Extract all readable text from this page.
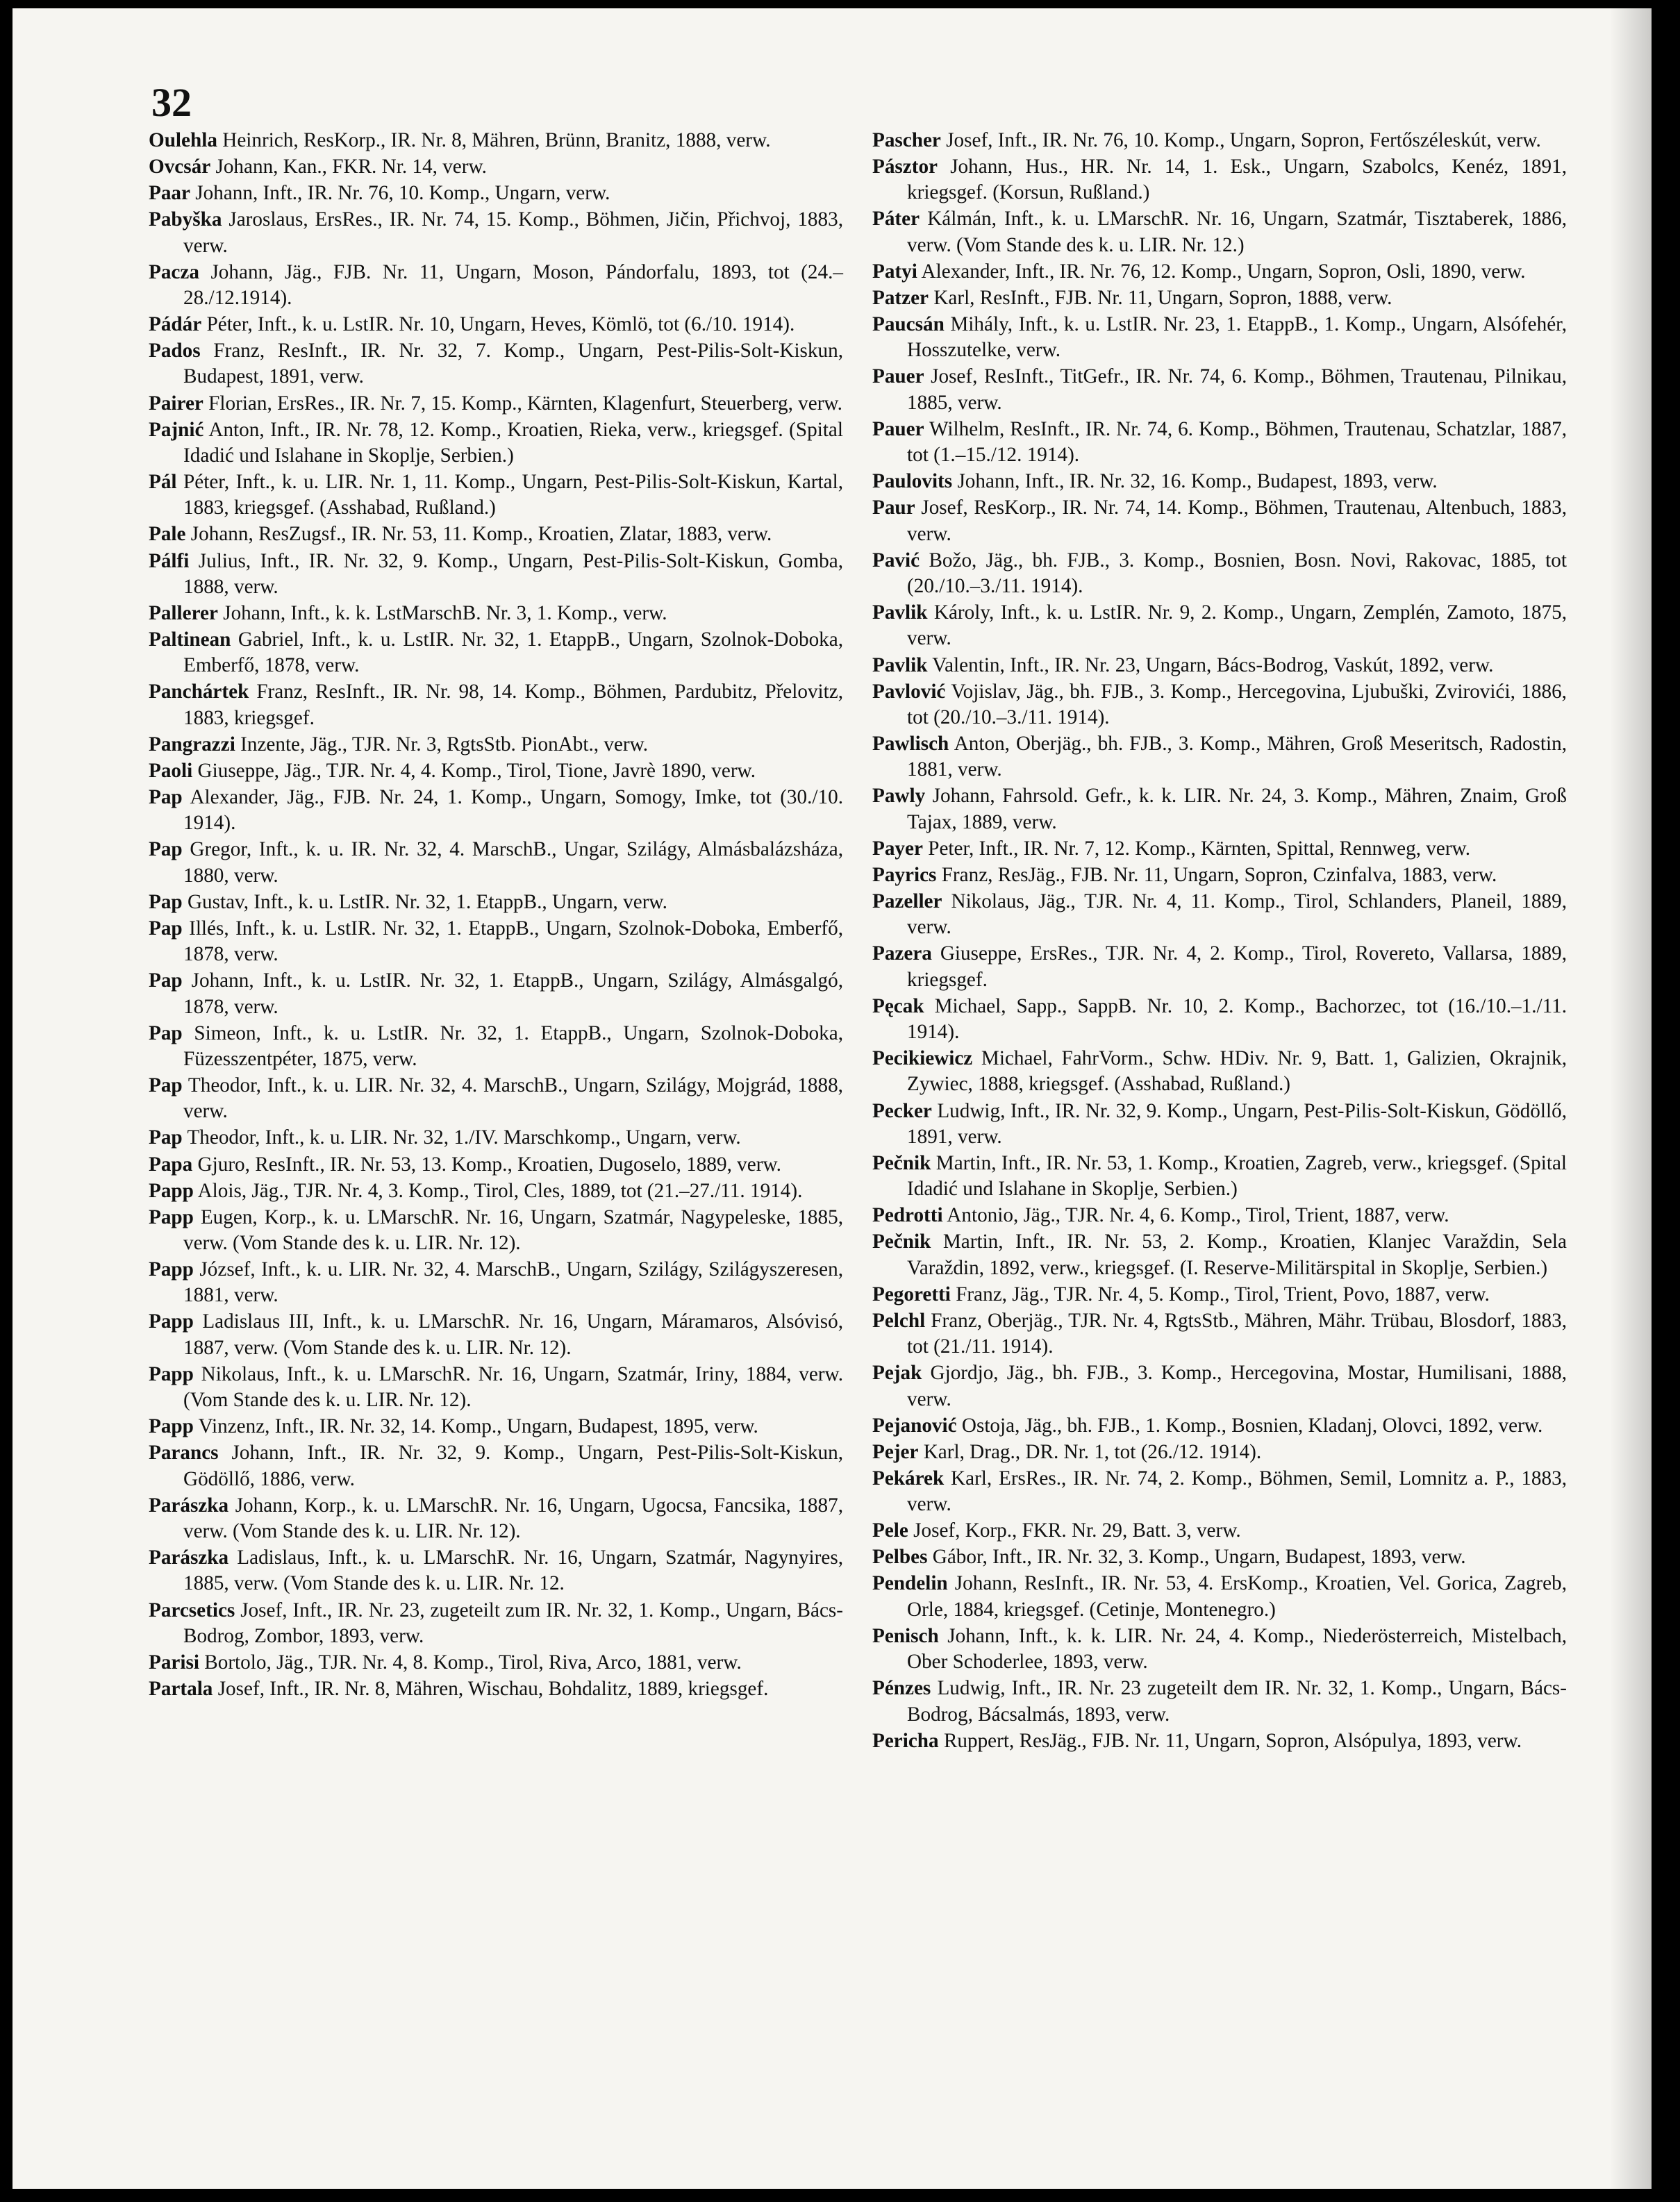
32

Oulehla Heinrich, ResKorp., IR. Nr. 8, Mähren, Brünn, Branitz, 1888, verw.

Ovcsár Johann, Kan., FKR. Nr. 14, verw.

Paar Johann, Inft., IR. Nr. 76, 10. Komp., Ungarn, verw.

Pabyška Jaroslaus, ErsRes., IR. Nr. 74, 15. Komp., Böhmen, Jičin, Přichvoj, 1883, verw.

Pacza Johann, Jäg., FJB. Nr. 11, Ungarn, Moson, Pándorfalu, 1893, tot (24.–28./12.1914).

Pádár Péter, Inft., k. u. LstIR. Nr. 10, Ungarn, Heves, Kömlö, tot (6./10. 1914).

Pados Franz, ResInft., IR. Nr. 32, 7. Komp., Ungarn, Pest-Pilis-Solt-Kiskun, Budapest, 1891, verw.

Pairer Florian, ErsRes., IR. Nr. 7, 15. Komp., Kärnten, Klagenfurt, Steuerberg, verw.

Pajnić Anton, Inft., IR. Nr. 78, 12. Komp., Kroatien, Rieka, verw., kriegsgef. (Spital Idadić und Islahane in Skoplje, Serbien.)

Pál Péter, Inft., k. u. LIR. Nr. 1, 11. Komp., Ungarn, Pest-Pilis-Solt-Kiskun, Kartal, 1883, kriegsgef. (Asshabad, Rußland.)

Pale Johann, ResZugsf., IR. Nr. 53, 11. Komp., Kroatien, Zlatar, 1883, verw.

Pálfi Julius, Inft., IR. Nr. 32, 9. Komp., Ungarn, Pest-Pilis-Solt-Kiskun, Gomba, 1888, verw.

Pallerer Johann, Inft., k. k. LstMarschB. Nr. 3, 1. Komp., verw.

Paltinean Gabriel, Inft., k. u. LstIR. Nr. 32, 1. EtappB., Ungarn, Szolnok-Doboka, Emberfő, 1878, verw.

Panchártek Franz, ResInft., IR. Nr. 98, 14. Komp., Böhmen, Pardubitz, Přelovitz, 1883, kriegsgef.

Pangrazzi Inzente, Jäg., TJR. Nr. 3, RgtsStb. PionAbt., verw.

Paoli Giuseppe, Jäg., TJR. Nr. 4, 4. Komp., Tirol, Tione, Javrè 1890, verw.

Pap Alexander, Jäg., FJB. Nr. 24, 1. Komp., Ungarn, Somogy, Imke, tot (30./10. 1914).

Pap Gregor, Inft., k. u. IR. Nr. 32, 4. MarschB., Ungar, Szilágy, Almásbalázsháza, 1880, verw.

Pap Gustav, Inft., k. u. LstIR. Nr. 32, 1. EtappB., Ungarn, verw.

Pap Illés, Inft., k. u. LstIR. Nr. 32, 1. EtappB., Ungarn, Szolnok-Doboka, Emberfő, 1878, verw.

Pap Johann, Inft., k. u. LstIR. Nr. 32, 1. EtappB., Ungarn, Szilágy, Almásgalgó, 1878, verw.

Pap Simeon, Inft., k. u. LstIR. Nr. 32, 1. EtappB., Ungarn, Szolnok-Doboka, Füzesszentpéter, 1875, verw.

Pap Theodor, Inft., k. u. LIR. Nr. 32, 4. MarschB., Ungarn, Szilágy, Mojgrád, 1888, verw.

Pap Theodor, Inft., k. u. LIR. Nr. 32, 1./IV. Marschkomp., Ungarn, verw.

Papa Gjuro, ResInft., IR. Nr. 53, 13. Komp., Kroatien, Dugoselo, 1889, verw.

Papp Alois, Jäg., TJR. Nr. 4, 3. Komp., Tirol, Cles, 1889, tot (21.–27./11. 1914).

Papp Eugen, Korp., k. u. LMarschR. Nr. 16, Ungarn, Szatmár, Nagypeleske, 1885, verw. (Vom Stande des k. u. LIR. Nr. 12).

Papp József, Inft., k. u. LIR. Nr. 32, 4. MarschB., Ungarn, Szilágy, Szilágyszeresen, 1881, verw.

Papp Ladislaus III, Inft., k. u. LMarschR. Nr. 16, Ungarn, Máramaros, Alsóvisó, 1887, verw. (Vom Stande des k. u. LIR. Nr. 12).

Papp Nikolaus, Inft., k. u. LMarschR. Nr. 16, Ungarn, Szatmár, Iriny, 1884, verw. (Vom Stande des k. u. LIR. Nr. 12).

Papp Vinzenz, Inft., IR. Nr. 32, 14. Komp., Ungarn, Budapest, 1895, verw.

Parancs Johann, Inft., IR. Nr. 32, 9. Komp., Ungarn, Pest-Pilis-Solt-Kiskun, Gödöllő, 1886, verw.

Parászka Johann, Korp., k. u. LMarschR. Nr. 16, Ungarn, Ugocsa, Fancsika, 1887, verw. (Vom Stande des k. u. LIR. Nr. 12).

Parászka Ladislaus, Inft., k. u. LMarschR. Nr. 16, Ungarn, Szatmár, Nagynyires, 1885, verw. (Vom Stande des k. u. LIR. Nr. 12.

Parcsetics Josef, Inft., IR. Nr. 23, zugeteilt zum IR. Nr. 32, 1. Komp., Ungarn, Bács-Bodrog, Zombor, 1893, verw.

Parisi Bortolo, Jäg., TJR. Nr. 4, 8. Komp., Tirol, Riva, Arco, 1881, verw.

Partala Josef, Inft., IR. Nr. 8, Mähren, Wischau, Bohdalitz, 1889, kriegsgef.

Pascher Josef, Inft., IR. Nr. 76, 10. Komp., Ungarn, Sopron, Fertőszéleskút, verw.

Pásztor Johann, Hus., HR. Nr. 14, 1. Esk., Ungarn, Szabolcs, Kenéz, 1891, kriegsgef. (Korsun, Rußland.)

Páter Kálmán, Inft., k. u. LMarschR. Nr. 16, Ungarn, Szatmár, Tisztaberek, 1886, verw. (Vom Stande des k. u. LIR. Nr. 12.)

Patyi Alexander, Inft., IR. Nr. 76, 12. Komp., Ungarn, Sopron, Osli, 1890, verw.

Patzer Karl, ResInft., FJB. Nr. 11, Ungarn, Sopron, 1888, verw.

Paucsán Mihály, Inft., k. u. LstIR. Nr. 23, 1. EtappB., 1. Komp., Ungarn, Alsófehér, Hosszutelke, verw.

Pauer Josef, ResInft., TitGefr., IR. Nr. 74, 6. Komp., Böhmen, Trautenau, Pilnikau, 1885, verw.

Pauer Wilhelm, ResInft., IR. Nr. 74, 6. Komp., Böhmen, Trautenau, Schatzlar, 1887, tot (1.–15./12. 1914).

Paulovits Johann, Inft., IR. Nr. 32, 16. Komp., Budapest, 1893, verw.

Paur Josef, ResKorp., IR. Nr. 74, 14. Komp., Böhmen, Trautenau, Altenbuch, 1883, verw.

Pavić Božo, Jäg., bh. FJB., 3. Komp., Bosnien, Bosn. Novi, Rakovac, 1885, tot (20./10.–3./11. 1914).

Pavlik Károly, Inft., k. u. LstIR. Nr. 9, 2. Komp., Ungarn, Zemplén, Zamoto, 1875, verw.

Pavlik Valentin, Inft., IR. Nr. 23, Ungarn, Bács-Bodrog, Vaskút, 1892, verw.

Pavlović Vojislav, Jäg., bh. FJB., 3. Komp., Hercegovina, Ljubuški, Zvirovići, 1886, tot (20./10.–3./11. 1914).

Pawlisch Anton, Oberjäg., bh. FJB., 3. Komp., Mähren, Groß Meseritsch, Radostin, 1881, verw.

Pawly Johann, Fahrsold. Gefr., k. k. LIR. Nr. 24, 3. Komp., Mähren, Znaim, Groß Tajax, 1889, verw.

Payer Peter, Inft., IR. Nr. 7, 12. Komp., Kärnten, Spittal, Rennweg, verw.

Payrics Franz, ResJäg., FJB. Nr. 11, Ungarn, Sopron, Czinfalva, 1883, verw.

Pazeller Nikolaus, Jäg., TJR. Nr. 4, 11. Komp., Tirol, Schlanders, Planeil, 1889, verw.

Pazera Giuseppe, ErsRes., TJR. Nr. 4, 2. Komp., Tirol, Rovereto, Vallarsa, 1889, kriegsgef.

Pęcak Michael, Sapp., SappB. Nr. 10, 2. Komp., Bachorzec, tot (16./10.–1./11. 1914).

Pecikiewicz Michael, FahrVorm., Schw. HDiv. Nr. 9, Batt. 1, Galizien, Okrajnik, Zywiec, 1888, kriegsgef. (Asshabad, Rußland.)

Pecker Ludwig, Inft., IR. Nr. 32, 9. Komp., Ungarn, Pest-Pilis-Solt-Kiskun, Gödöllő, 1891, verw.

Pečnik Martin, Inft., IR. Nr. 53, 1. Komp., Kroatien, Zagreb, verw., kriegsgef. (Spital Idadić und Islahane in Skoplje, Serbien.)

Pedrotti Antonio, Jäg., TJR. Nr. 4, 6. Komp., Tirol, Trient, 1887, verw.

Pečnik Martin, Inft., IR. Nr. 53, 2. Komp., Kroatien, Klanjec Varaždin, Sela Varaždin, 1892, verw., kriegsgef. (I. Reserve-Militärspital in Skoplje, Serbien.)

Pegoretti Franz, Jäg., TJR. Nr. 4, 5. Komp., Tirol, Trient, Povo, 1887, verw.

Pelchl Franz, Oberjäg., TJR. Nr. 4, RgtsStb., Mähren, Mähr. Trübau, Blosdorf, 1883, tot (21./11. 1914).

Pejak Gjordjo, Jäg., bh. FJB., 3. Komp., Hercegovina, Mostar, Humilisani, 1888, verw.

Pejanović Ostoja, Jäg., bh. FJB., 1. Komp., Bosnien, Kladanj, Olovci, 1892, verw.

Pejer Karl, Drag., DR. Nr. 1, tot (26./12. 1914).

Pekárek Karl, ErsRes., IR. Nr. 74, 2. Komp., Böhmen, Semil, Lomnitz a. P., 1883, verw.

Pele Josef, Korp., FKR. Nr. 29, Batt. 3, verw.

Pelbes Gábor, Inft., IR. Nr. 32, 3. Komp., Ungarn, Budapest, 1893, verw.

Pendelin Johann, ResInft., IR. Nr. 53, 4. ErsKomp., Kroatien, Vel. Gorica, Zagreb, Orle, 1884, kriegsgef. (Cetinje, Montenegro.)

Penisch Johann, Inft., k. k. LIR. Nr. 24, 4. Komp., Niederösterreich, Mistelbach, Ober Schoderlee, 1893, verw.

Pénzes Ludwig, Inft., IR. Nr. 23 zugeteilt dem IR. Nr. 32, 1. Komp., Ungarn, Bács-Bodrog, Bácsalmás, 1893, verw.

Pericha Ruppert, ResJäg., FJB. Nr. 11, Ungarn, Sopron, Alsópulya, 1893, verw.
